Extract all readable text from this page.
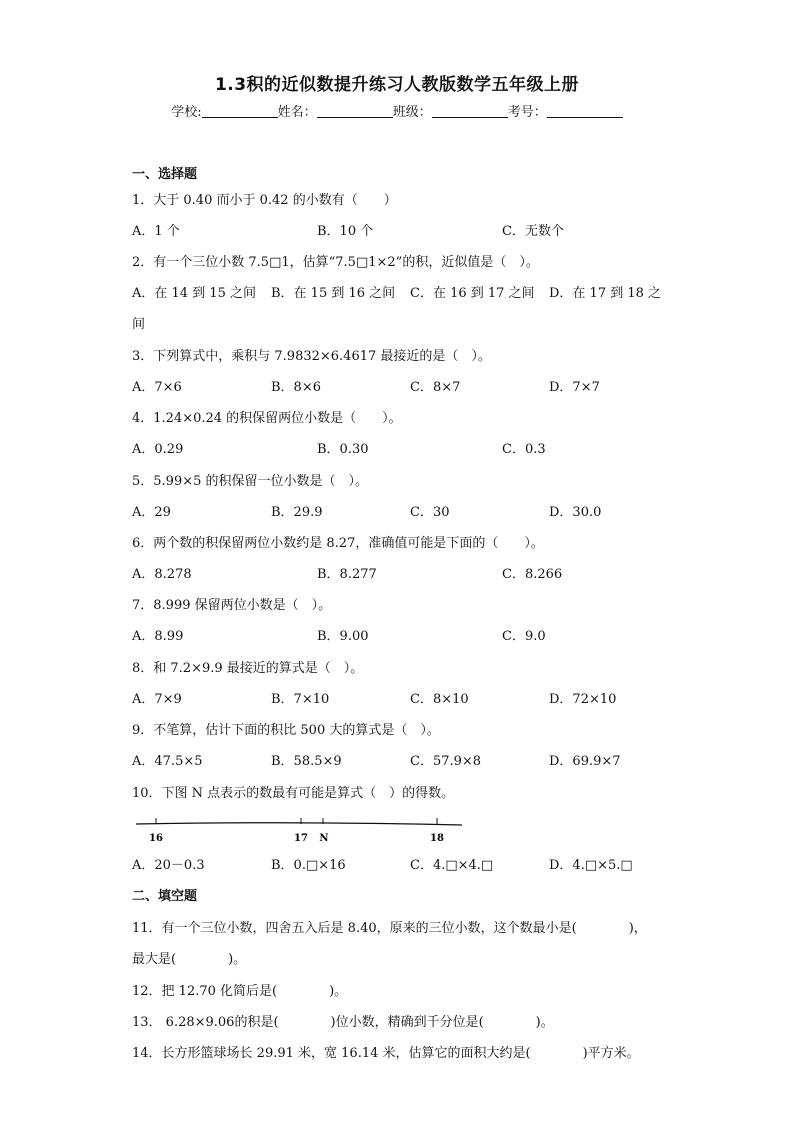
1.3积的近似数提升练习人教版数学五年级上册
学校:	姓名：	班级：	考号：
一、选择题
1．大于 0.40 而小于 0.42 的小数有（　　）
A．1 个	B．10 个	C．无数个
2．有一个三位小数 7.5□1，估算“7.5□1×2”的积，近似值是（　）。
A．在 14 到 15 之间 B．在 15 到 16 之间 C．在 16 到 17 之间 D．在 17 到 18 之
间
3．下列算式中，乘积与 7.9832×6.4617 最接近的是（　）。
A．7×6	B．8×6	C．8×7	D．7×7
4．1.24×0.24 的积保留两位小数是（　　）。
A．0.29	B．0.30	C．0.3
5．5.99×5 的积保留一位小数是（　）。
A．29	B．29.9	C．30	D．30.0
6．两个数的积保留两位小数约是 8.27，准确值可能是下面的（　　）。
A．8.278	B．8.277	C．8.266
7．8.999 保留两位小数是（　）。
A．8.99	B．9.00	C．9.0
8．和 7.2×9.9 最接近的算式是（　）。
A．7×9	B．7×10	C．8×10	D．72×10
9．不笔算，估计下面的积比 500 大的算式是（　）。
A．47.5×5	B．58.5×9	C．57.9×8	D．69.9×7
10．下图 N 点表示的数最有可能是算式（　）的得数。
16	17 N	18
A．20－0.3	B．0.□×16	C．4.□×4.□	D．4.□×5.□
二、填空题
11．有一个三位小数，四舍五入后是 8.40，原来的三位小数，这个数最小是(　　　　)，
最大是(　　　　)。
12．把 12.70 化简后是(　　　　)。
13． 6.28×9.06的积是(　　　　)位小数，精确到千分位是(　　　　)。
14．长方形篮球场长 29.91 米，宽 16.14 米，估算它的面积大约是(　　　　)平方米。
